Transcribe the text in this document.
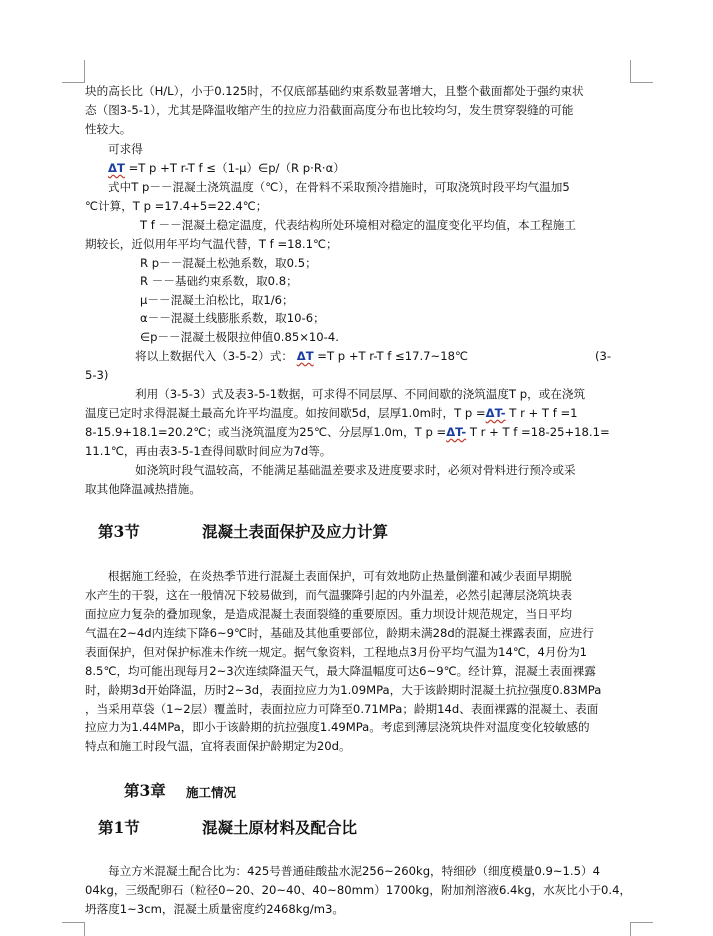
块的高长比（H/L），小于0.125时，不仅底部基础约束系数显著增大，且整个截面都处于强约束状
态（图3-5-1），尤其是降温收缩产生的拉应力沿截面高度分布也比较均匀，发生贯穿裂缝的可能
性较大。
可求得
ΔT =T p +T r-T f ≤（1-μ）∈p/（R p·R·α）
式中T p－－混凝土浇筑温度（℃），在骨料不采取预冷措施时，可取浇筑时段平均气温加5
℃计算，T p =17.4+5=22.4℃；
T f －－混凝土稳定温度，代表结构所处环境相对稳定的温度变化平均值，本工程施工
期较长，近似用年平均气温代替，T f =18.1℃；
R p－－混凝土松弛系数，取0.5；
R －－基础约束系数，取0.8；
μ－－混凝土泊松比，取1/6；
α－－混凝土线膨胀系数，取10-6；
∈p－－混凝土极限拉伸值0.85×10-4.
将以上数据代入（3-5-2）式： ΔT =T p +T r-T f ≤17.7~18℃	(3-
5-3)
利用（3-5-3）式及表3-5-1数据，可求得不同层厚、不同间歇的浇筑温度T p，或在浇筑
温度已定时求得混凝土最高允许平均温度。如按间歇5d，层厚1.0m时，T p =ΔT- T r + T f =1
8-15.9+18.1=20.2℃；或当浇筑温度为25℃、分层厚1.0m，T p =ΔT- T r + T f =18-25+18.1=
11.1℃，再由表3-5-1查得间歇时间应为7d等。
如浇筑时段气温较高，不能满足基础温差要求及进度要求时，必须对骨料进行预冷或采
取其他降温减热措施。
第3节	混凝土表面保护及应力计算
根据施工经验，在炎热季节进行混凝土表面保护，可有效地防止热量倒灌和减少表面早期脱
水产生的干裂，这在一般情况下较易做到，而气温骤降引起的内外温差，必然引起薄层浇筑块表
面拉应力复杂的叠加现象，是造成混凝土表面裂缝的重要原因。重力坝设计规范规定，当日平均
气温在2~4d内连续下降6~9℃时，基础及其他重要部位，龄期未满28d的混凝土裸露表面，应进行
表面保护，但对保护标准未作统一规定。据气象资料，工程地点3月份平均气温为14℃，4月份为1
8.5℃，均可能出现每月2~3次连续降温天气，最大降温幅度可达6~9℃。经计算，混凝土表面裸露
时，龄期3d开始降温，历时2~3d，表面拉应力为1.09MPa，大于该龄期时混凝土抗拉强度0.83MPa
，当采用草袋（1~2层）覆盖时，表面拉应力可降至0.71MPa；龄期14d、表面裸露的混凝土、表面
拉应力为1.44MPa，即小于该龄期的抗拉强度1.49MPa。考虑到薄层浇筑块件对温度变化较敏感的
特点和施工时段气温，宜将表面保护龄期定为20d。
第3章 施工情况
第1节	混凝土原材料及配合比
每立方米混凝土配合比为：425号普通硅酸盐水泥256~260kg，特细砂（细度模量0.9~1.5）4
04kg，三级配卵石（粒径0~20、20~40、40~80mm）1700kg，附加剂溶液6.4kg，水灰比小于0.4，
坍落度1~3cm，混凝土质量密度约2468kg/m3。
